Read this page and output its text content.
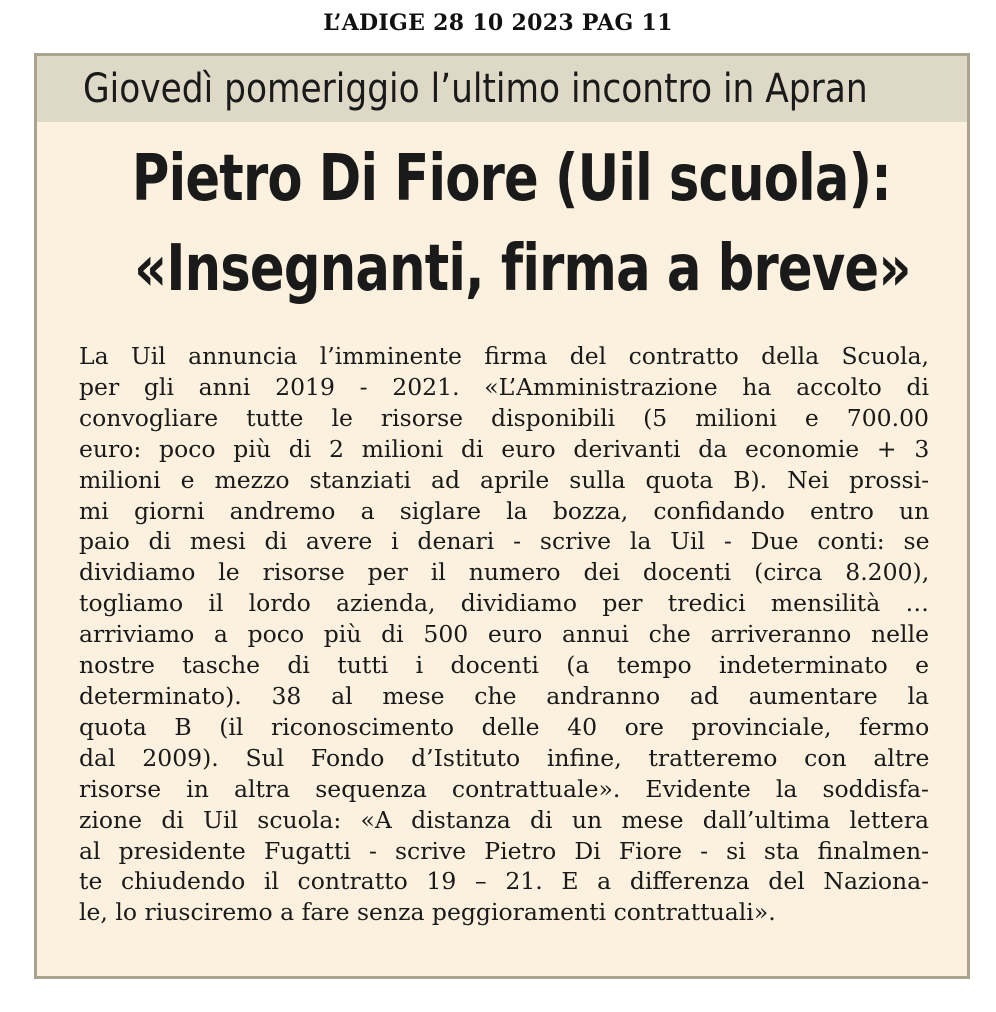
L’ADIGE 28 10 2023 PAG 11
Giovedì pomeriggio l’ultimo incontro in Apran
Pietro Di Fiore (Uil scuola):
«Insegnanti, firma a breve»
La Uil annuncia l’imminente firma del contratto della Scuola,
per gli anni 2019 - 2021. «L’Amministrazione ha accolto di
convogliare tutte le risorse disponibili (5 milioni e 700.00
euro: poco più di 2 milioni di euro derivanti da economie + 3
milioni e mezzo stanziati ad aprile sulla quota B). Nei prossi-
mi giorni andremo a siglare la bozza, confidando entro un
paio di mesi di avere i denari - scrive la Uil - Due conti: se
dividiamo le risorse per il numero dei docenti (circa 8.200),
togliamo il lordo azienda, dividiamo per tredici mensilità …
arriviamo a poco più di 500 euro annui che arriveranno nelle
nostre tasche di tutti i docenti (a tempo indeterminato e
determinato). 38 al mese che andranno ad aumentare la
quota B (il riconoscimento delle 40 ore provinciale, fermo
dal 2009). Sul Fondo d’Istituto infine, tratteremo con altre
risorse in altra sequenza contrattuale». Evidente la soddisfa-
zione di Uil scuola: «A distanza di un mese dall’ultima lettera
al presidente Fugatti - scrive Pietro Di Fiore - si sta finalmen-
te chiudendo il contratto 19 – 21. E a differenza del Naziona-
le, lo riusciremo a fare senza peggioramenti contrattuali».
